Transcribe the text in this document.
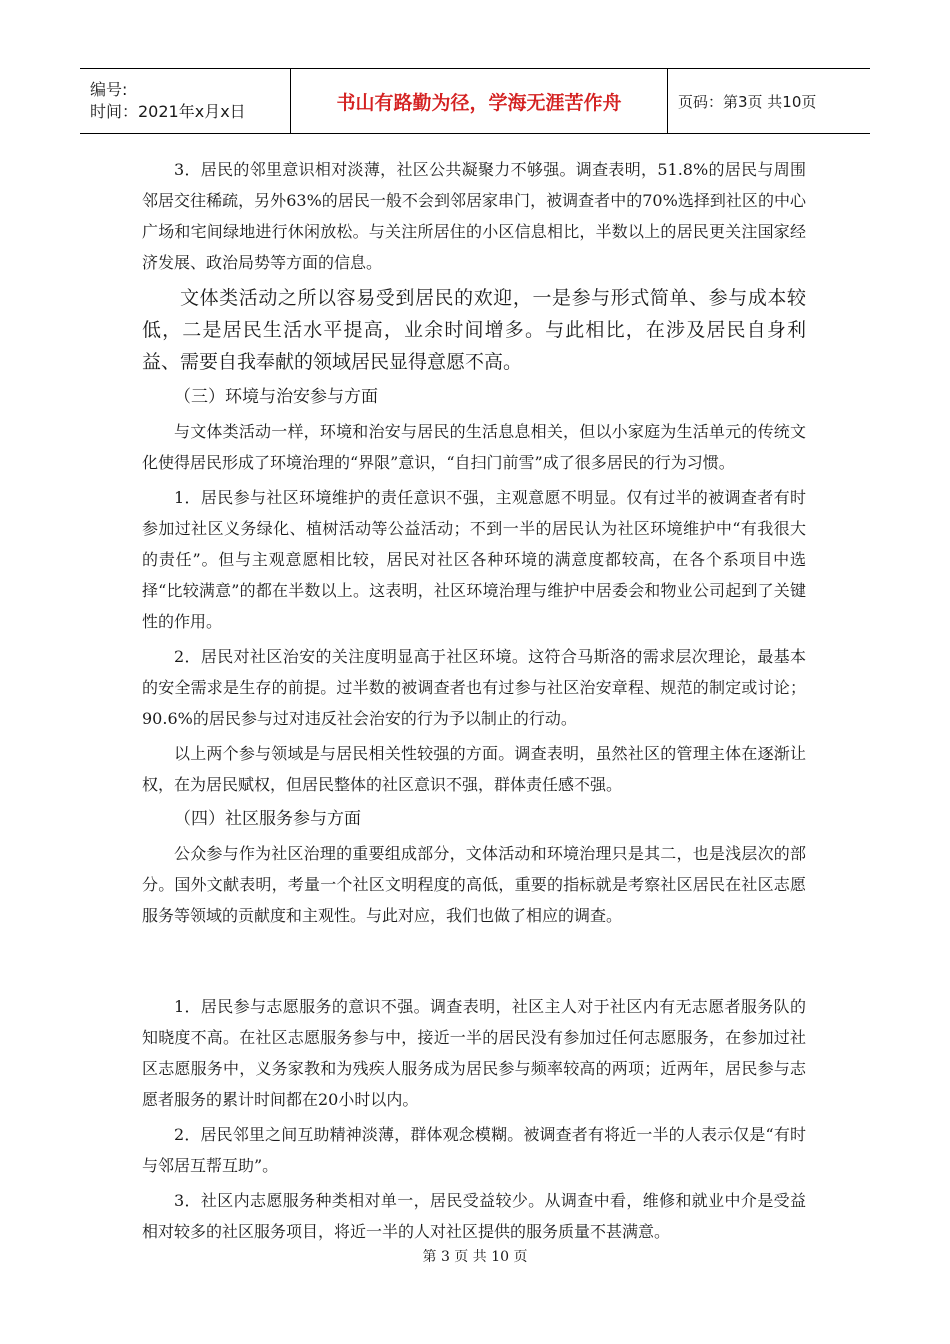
编号:
时间：2021年x月x日	书山有路勤为径，学海无涯苦作舟	页码：第3页 共10页

3．居民的邻里意识相对淡薄，社区公共凝聚力不够强。调查表明，51.8%的居民与周围邻居交往稀疏，另外63%的居民一般不会到邻居家串门，被调查者中的70%选择到社区的中心广场和宅间绿地进行休闲放松。与关注所居住的小区信息相比，半数以上的居民更关注国家经济发展、政治局势等方面的信息。

文体类活动之所以容易受到居民的欢迎，一是参与形式简单、参与成本较低，二是居民生活水平提高，业余时间增多。与此相比，在涉及居民自身利益、需要自我奉献的领域居民显得意愿不高。

（三）环境与治安参与方面

与文体类活动一样，环境和治安与居民的生活息息相关，但以小家庭为生活单元的传统文化使得居民形成了环境治理的“界限”意识，“自扫门前雪”成了很多居民的行为习惯。

1．居民参与社区环境维护的责任意识不强，主观意愿不明显。仅有过半的被调查者有时参加过社区义务绿化、植树活动等公益活动；不到一半的居民认为社区环境维护中“有我很大的责任”。但与主观意愿相比较，居民对社区各种环境的满意度都较高，在各个系项目中选择“比较满意”的都在半数以上。这表明，社区环境治理与维护中居委会和物业公司起到了关键性的作用。

2．居民对社区治安的关注度明显高于社区环境。这符合马斯洛的需求层次理论，最基本的安全需求是生存的前提。过半数的被调查者也有过参与社区治安章程、规范的制定或讨论；90.6%的居民参与过对违反社会治安的行为予以制止的行动。

以上两个参与领域是与居民相关性较强的方面。调查表明，虽然社区的管理主体在逐渐让权，在为居民赋权，但居民整体的社区意识不强，群体责任感不强。

（四）社区服务参与方面

公众参与作为社区治理的重要组成部分，文体活动和环境治理只是其二，也是浅层次的部分。国外文献表明，考量一个社区文明程度的高低，重要的指标就是考察社区居民在社区志愿服务等领域的贡献度和主观性。与此对应，我们也做了相应的调查。

1．居民参与志愿服务的意识不强。调查表明，社区主人对于社区内有无志愿者服务队的知晓度不高。在社区志愿服务参与中，接近一半的居民没有参加过任何志愿服务，在参加过社区志愿服务中，义务家教和为残疾人服务成为居民参与频率较高的两项；近两年，居民参与志愿者服务的累计时间都在20小时以内。

2．居民邻里之间互助精神淡薄，群体观念模糊。被调查者有将近一半的人表示仅是“有时与邻居互帮互助”。

3．社区内志愿服务种类相对单一，居民受益较少。从调查中看，维修和就业中介是受益相对较多的社区服务项目，将近一半的人对社区提供的服务质量不甚满意。

第 3 页 共 10 页
